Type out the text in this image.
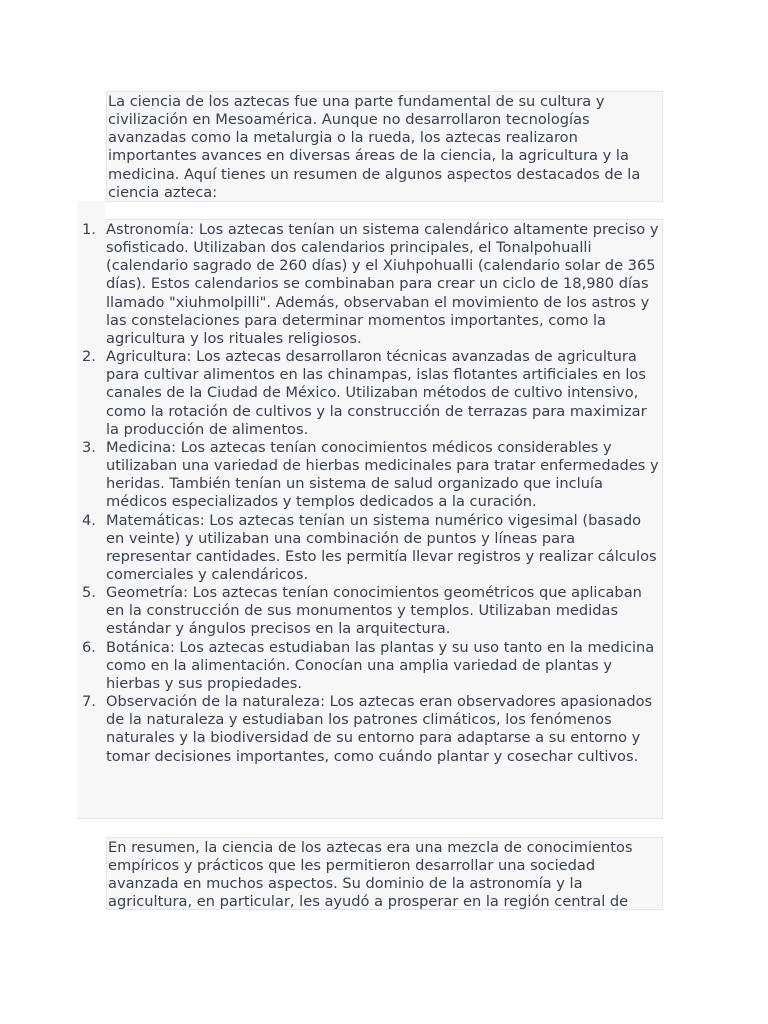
La ciencia de los aztecas fue una parte fundamental de su cultura y civilización en Mesoamérica. Aunque no desarrollaron tecnologías avanzadas como la metalurgia o la rueda, los aztecas realizaron importantes avances en diversas áreas de la ciencia, la agricultura y la medicina. Aquí tienes un resumen de algunos aspectos destacados de la ciencia azteca:

1. Astronomía: Los aztecas tenían un sistema calendárico altamente preciso y sofisticado. Utilizaban dos calendarios principales, el Tonalpohualli (calendario sagrado de 260 días) y el Xiuhpohualli (calendario solar de 365 días). Estos calendarios se combinaban para crear un ciclo de 18,980 días llamado "xiuhmolpilli". Además, observaban el movimiento de los astros y las constelaciones para determinar momentos importantes, como la agricultura y los rituales religiosos.
2. Agricultura: Los aztecas desarrollaron técnicas avanzadas de agricultura para cultivar alimentos en las chinampas, islas flotantes artificiales en los canales de la Ciudad de México. Utilizaban métodos de cultivo intensivo, como la rotación de cultivos y la construcción de terrazas para maximizar la producción de alimentos.
3. Medicina: Los aztecas tenían conocimientos médicos considerables y utilizaban una variedad de hierbas medicinales para tratar enfermedades y heridas. También tenían un sistema de salud organizado que incluía médicos especializados y templos dedicados a la curación.
4. Matemáticas: Los aztecas tenían un sistema numérico vigesimal (basado en veinte) y utilizaban una combinación de puntos y líneas para representar cantidades. Esto les permitía llevar registros y realizar cálculos comerciales y calendáricos.
5. Geometría: Los aztecas tenían conocimientos geométricos que aplicaban en la construcción de sus monumentos y templos. Utilizaban medidas estándar y ángulos precisos en la arquitectura.
6. Botánica: Los aztecas estudiaban las plantas y su uso tanto en la medicina como en la alimentación. Conocían una amplia variedad de plantas y hierbas y sus propiedades.
7. Observación de la naturaleza: Los aztecas eran observadores apasionados de la naturaleza y estudiaban los patrones climáticos, los fenómenos naturales y la biodiversidad de su entorno para adaptarse a su entorno y tomar decisiones importantes, como cuándo plantar y cosechar cultivos.

En resumen, la ciencia de los aztecas era una mezcla de conocimientos empíricos y prácticos que les permitieron desarrollar una sociedad avanzada en muchos aspectos. Su dominio de la astronomía y la agricultura, en particular, les ayudó a prosperar en la región central de
